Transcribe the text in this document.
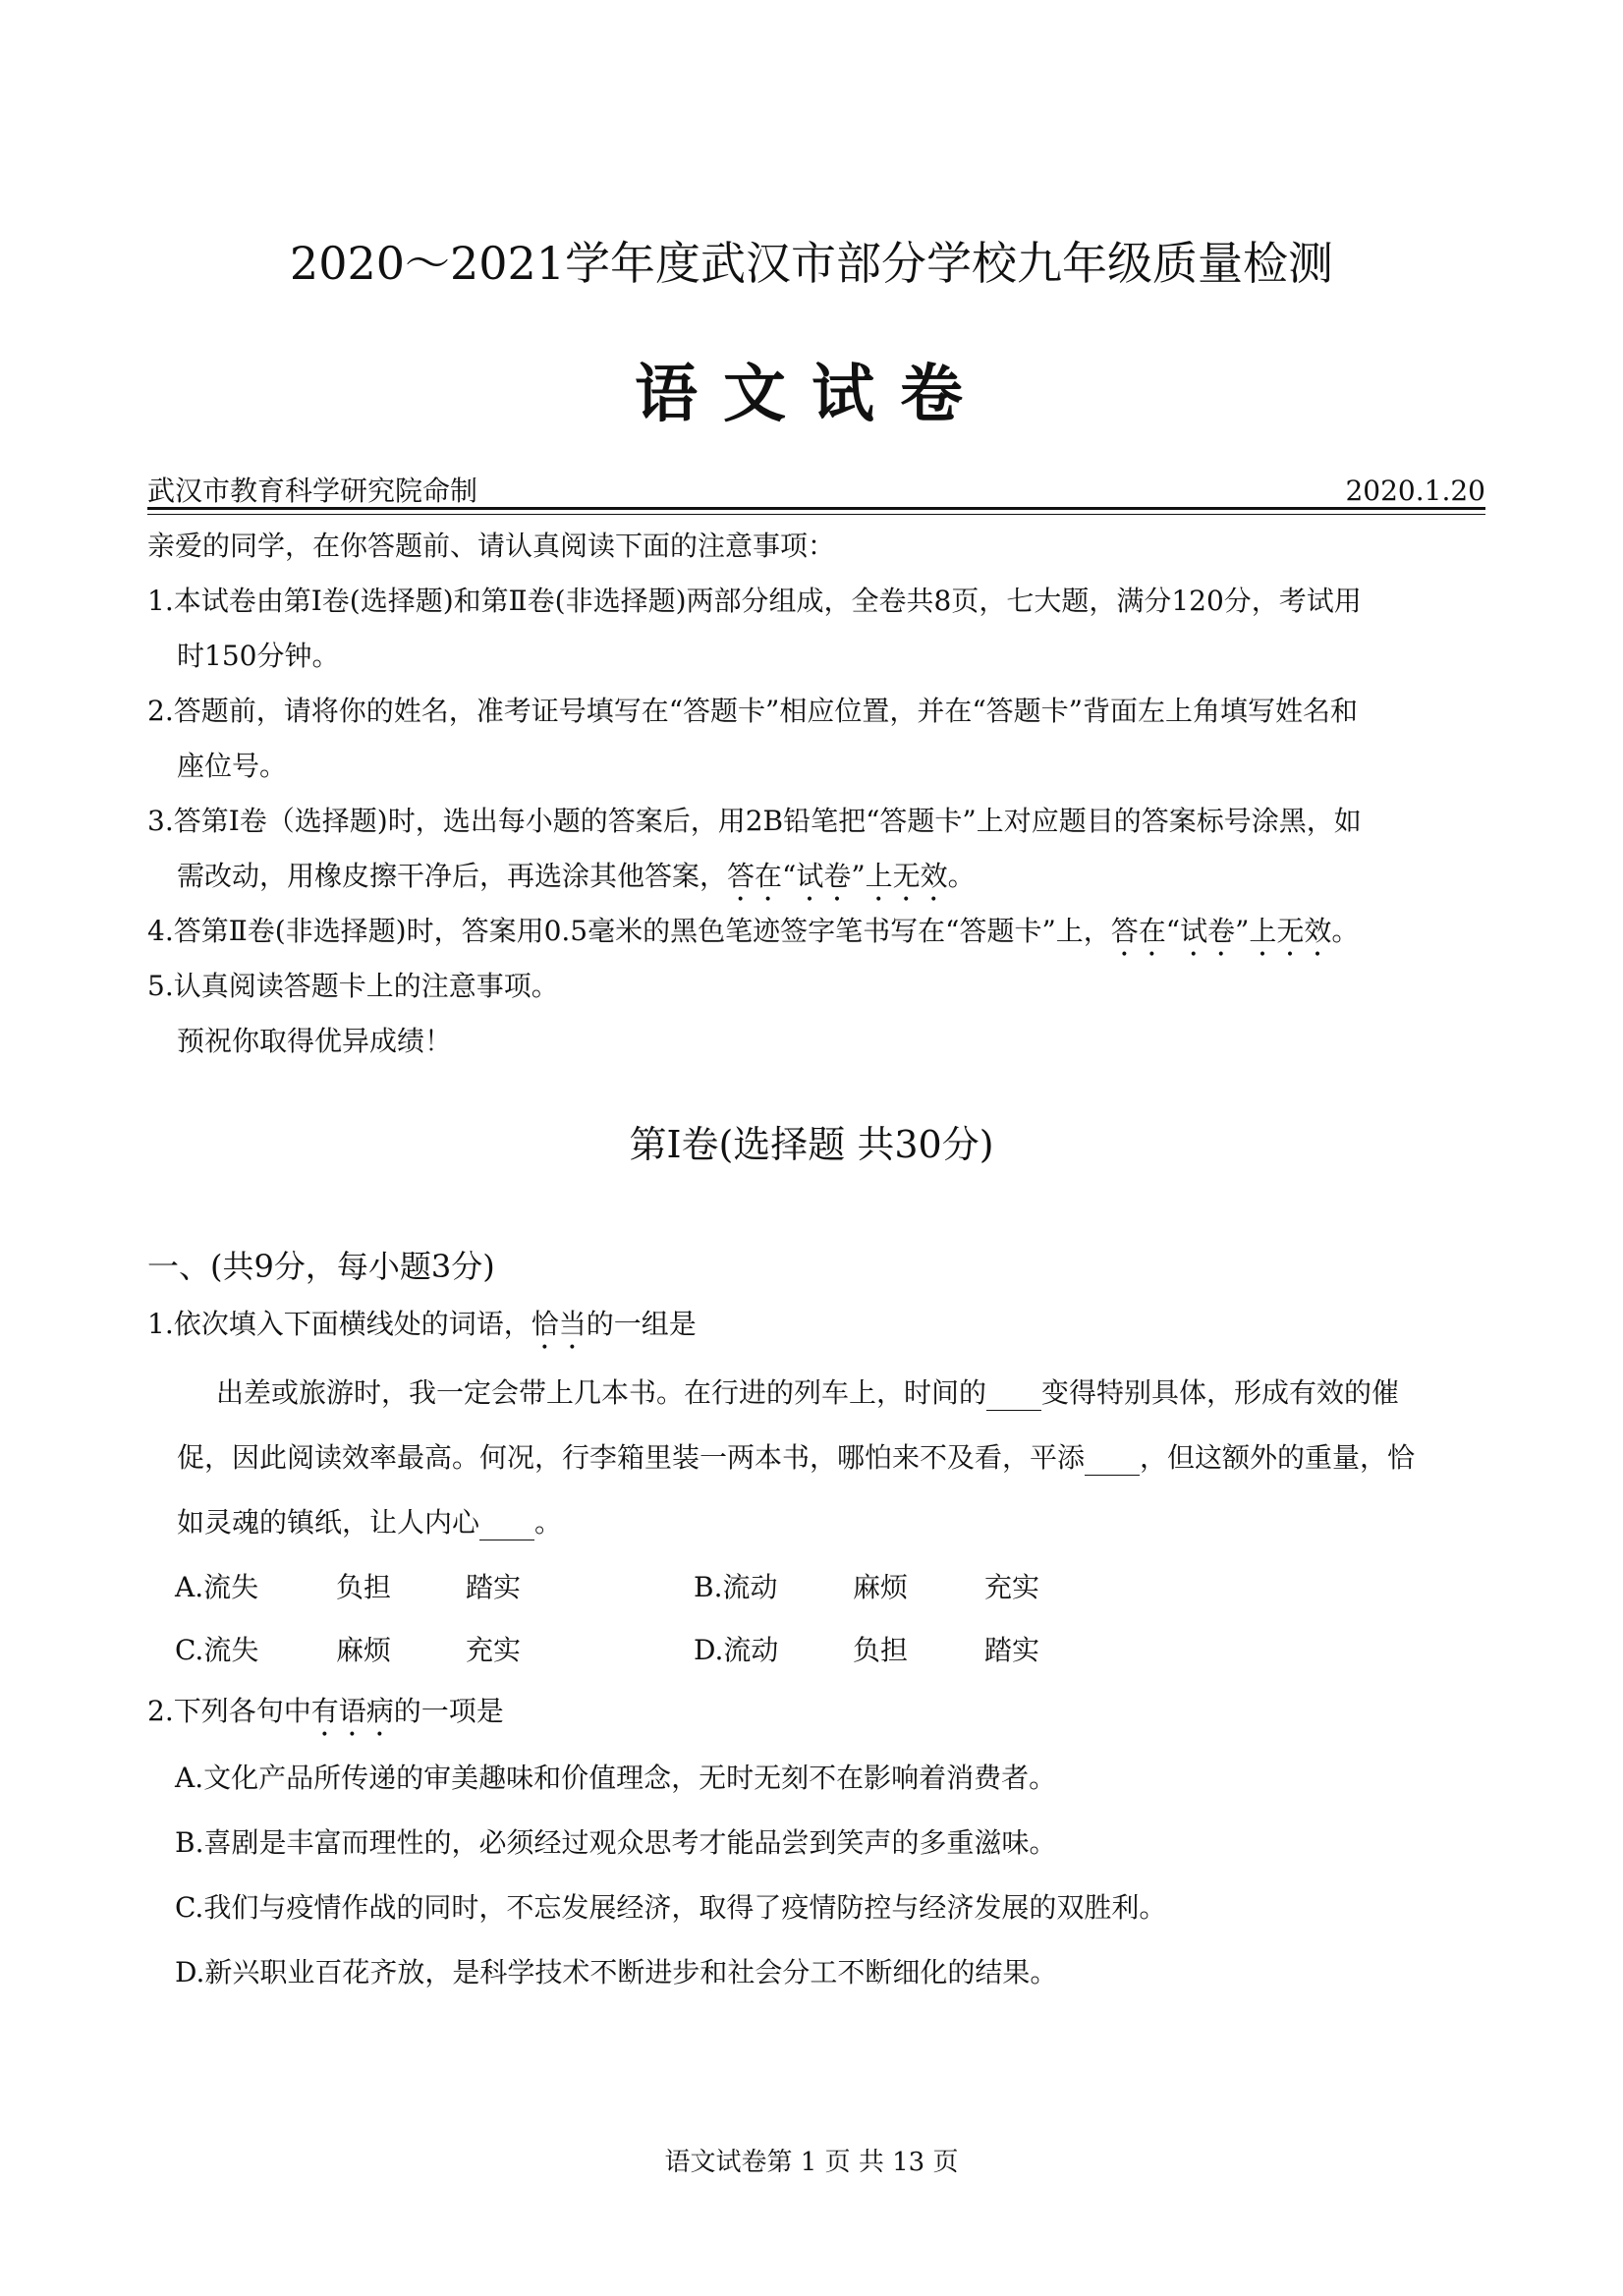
2020～2021学年度武汉市部分学校九年级质量检测
语文试卷
武汉市教育科学研究院命制	2020.1.20
亲爱的同学，在你答题前、请认真阅读下面的注意事项：
1.本试卷由第Ⅰ卷(选择题)和第Ⅱ卷(非选择题)两部分组成，全卷共8页，七大题，满分120分，考试用
时150分钟。
2.答题前，请将你的姓名，准考证号填写在“答题卡”相应位置，并在“答题卡”背面左上角填写姓名和
座位号。
3.答第Ⅰ卷（选择题)时，选出每小题的答案后，用2B铅笔把“答题卡”上对应题目的答案标号涂黑，如
需改动，用橡皮擦干净后，再选涂其他答案，答在“试卷”上无效。
4.答第Ⅱ卷(非选择题)时，答案用0.5毫米的黑色笔迹签字笔书写在“答题卡”上，答在“试卷”上无效。
5.认真阅读答题卡上的注意事项。
预祝你取得优异成绩！
第Ⅰ卷(选择题 共30分)
一、(共9分，每小题3分)
1.依次填入下面横线处的词语，恰当的一组是
出差或旅游时，我一定会带上几本书。在行进的列车上，时间的 变得特别具体，形成有效的催
促，因此阅读效率最高。何况，行李箱里装一两本书，哪怕来不及看，平添 ，但这额外的重量，恰
如灵魂的镇纸，让人内心 。
A.流失	负担	踏实	B.流动	麻烦	充实
C.流失	麻烦	充实	D.流动	负担	踏实
2.下列各句中有语病的一项是
A.文化产品所传递的审美趣味和价值理念，无时无刻不在影响着消费者。
B.喜剧是丰富而理性的，必须经过观众思考才能品尝到笑声的多重滋味。
C.我们与疫情作战的同时，不忘发展经济，取得了疫情防控与经济发展的双胜利。
D.新兴职业百花齐放，是科学技术不断进步和社会分工不断细化的结果。
语文试卷第 1 页 共 13 页
